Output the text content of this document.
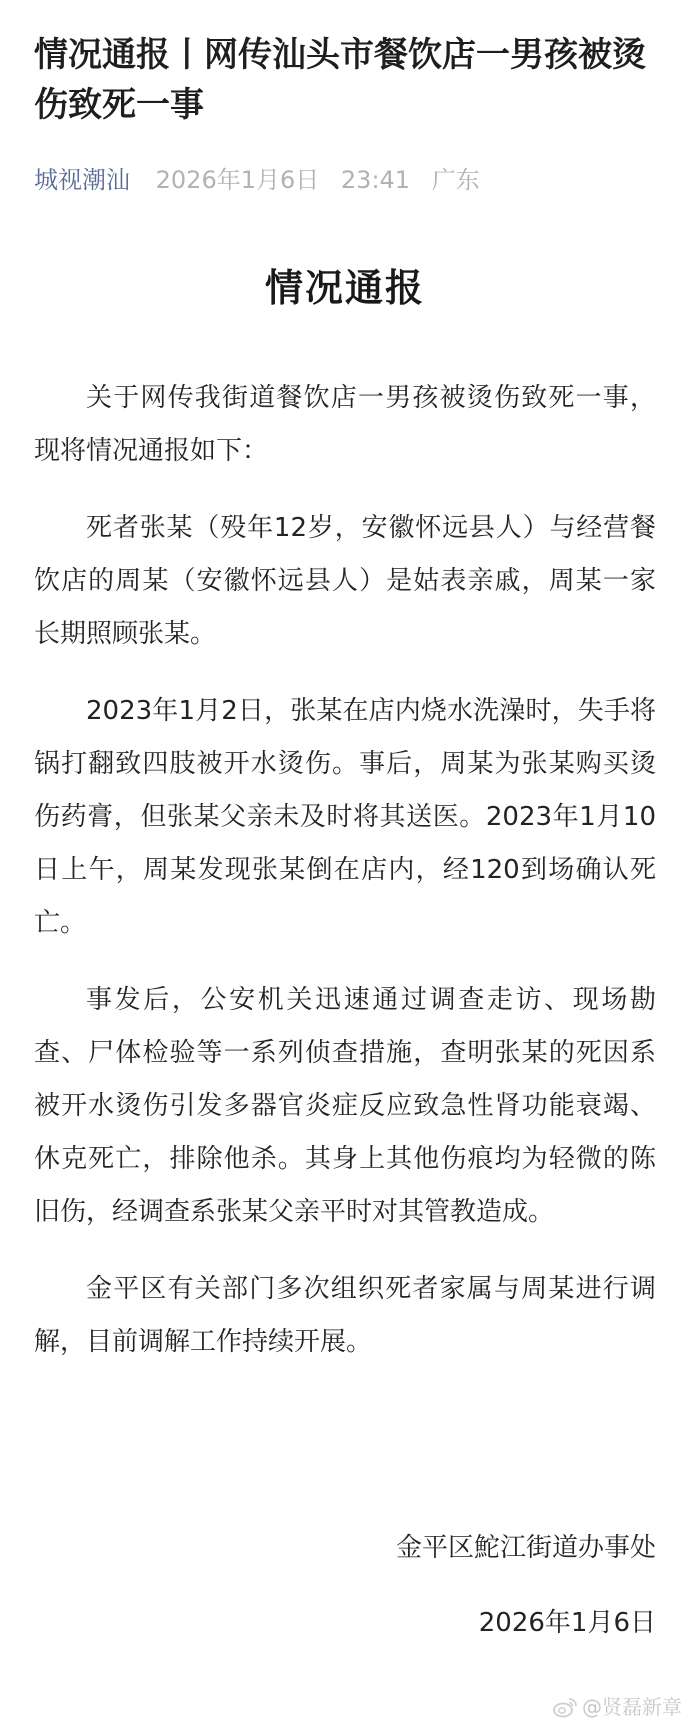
情况通报丨网传汕头市餐饮店一男孩被烫伤致死一事
城视潮汕 2026年1月6日 23:41 广东
情况通报

关于网传我街道餐饮店一男孩被烫伤致死一事，现将情况通报如下：

死者张某（殁年12岁，安徽怀远县人）与经营餐饮店的周某（安徽怀远县人）是姑表亲戚，周某一家长期照顾张某。

2023年1月2日，张某在店内烧水洗澡时，失手将锅打翻致四肢被开水烫伤。事后，周某为张某购买烫伤药膏，但张某父亲未及时将其送医。2023年1月10日上午，周某发现张某倒在店内，经120到场确认死亡。

事发后，公安机关迅速通过调查走访、现场勘查、尸体检验等一系列侦查措施，查明张某的死因系被开水烫伤引发多器官炎症反应致急性肾功能衰竭、休克死亡，排除他杀。其身上其他伤痕均为轻微的陈旧伤，经调查系张某父亲平时对其管教造成。

金平区有关部门多次组织死者家属与周某进行调解，目前调解工作持续开展。

金平区鮀江街道办事处
2026年1月6日
@贤磊新章
